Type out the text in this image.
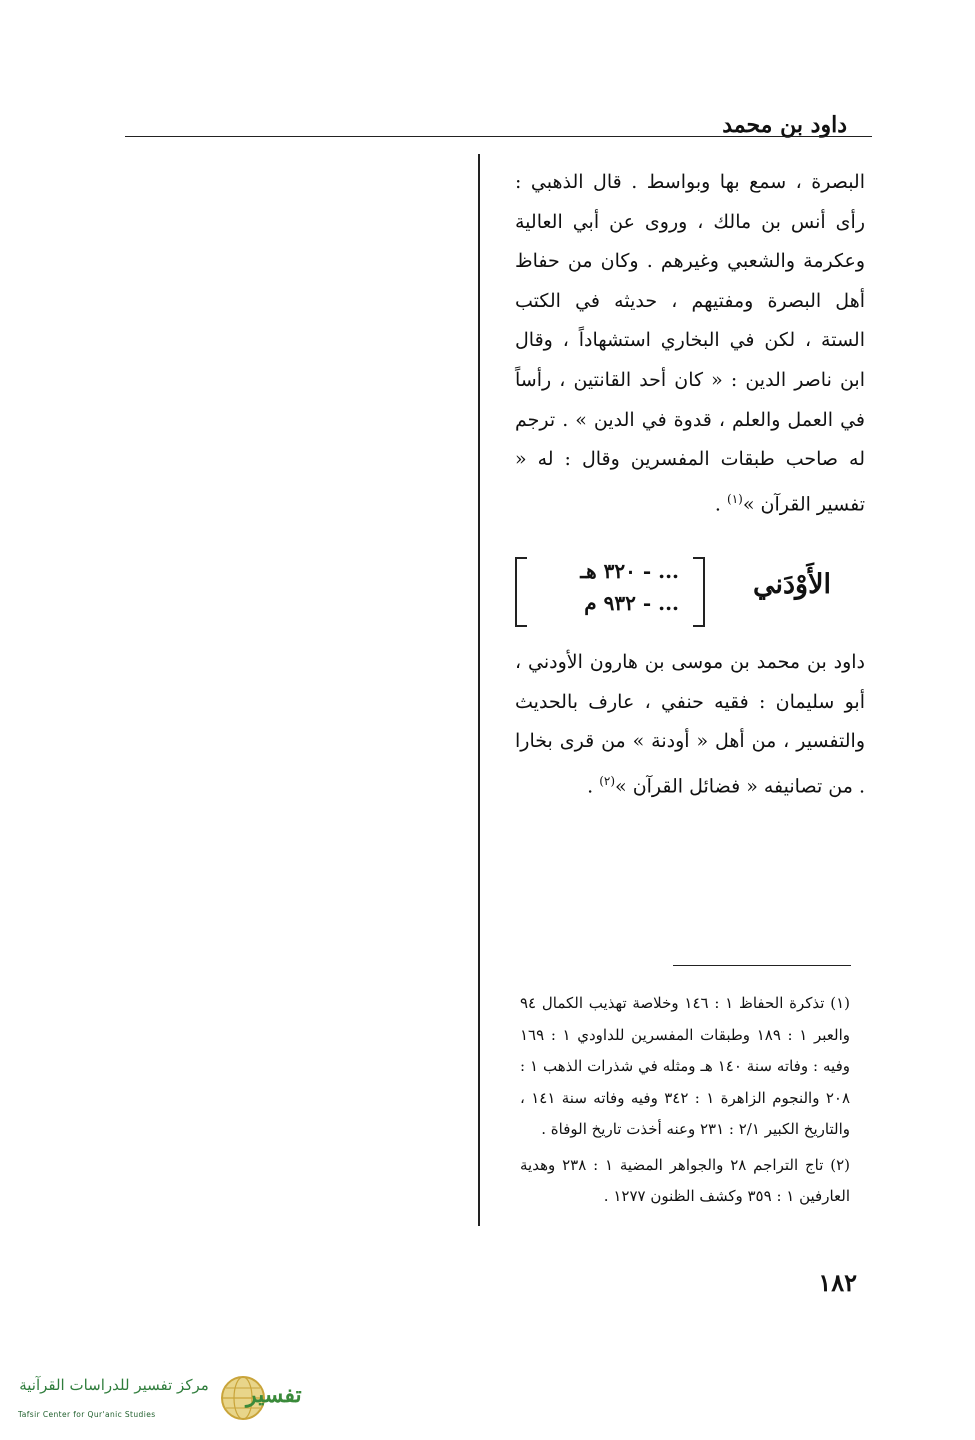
داود بن محمد

البصرة ، سمع بها وبواسط . قال الذهبي : رأى أنس بن مالك ، وروى عن أبي العالية وعكرمة والشعبي وغيرهم . وكان من حفاظ أهل البصرة ومفتيهم ، حديثه في الكتب الستة ، لكن في البخاري استشهاداً ، وقال ابن ناصر الدين : « كان أحد القانتين ، رأساً في العمل والعلم ، قدوة في الدين » . ترجم له صاحب طبقات المفسرين وقال : له « تفسير القرآن »$^{(١)}$ .

الأَوْدَني
... - ٣٢٠ هـ
... - ٩٣٢ م

داود بن محمد بن موسى بن هارون الأودني ، أبو سليمان : فقيه حنفي ، عارف بالحديث والتفسير ، من أهل « أودنة » من قرى بخارا . من تصانيفه « فضائل القرآن »$^{(٢)}$ .

(١) تذكرة الحفاظ ١ : ١٤٦ وخلاصة تهذيب الكمال ٩٤ والعبر ١ : ١٨٩ وطبقات المفسرين للداودي ١ : ١٦٩ وفيه : وفاته سنة ١٤٠ هـ ومثله في شذرات الذهب ١ : ٢٠٨ والنجوم الزاهرة ١ : ٣٤٢ وفيه وفاته سنة ١٤١ ، والتاريخ الكبير ٢/١ : ٢٣١ وعنه أخذت تاريخ الوفاة .

(٢) تاج التراجم ٢٨ والجواهر المضية ١ : ٢٣٨ وهدية العارفين ١ : ٣٥٩ وكشف الظنون ١٢٧٧ .

١٨٢
مركز تفسير للدراسات القرآنية
Tafsir Center for Qur'anic Studies
تفسير
